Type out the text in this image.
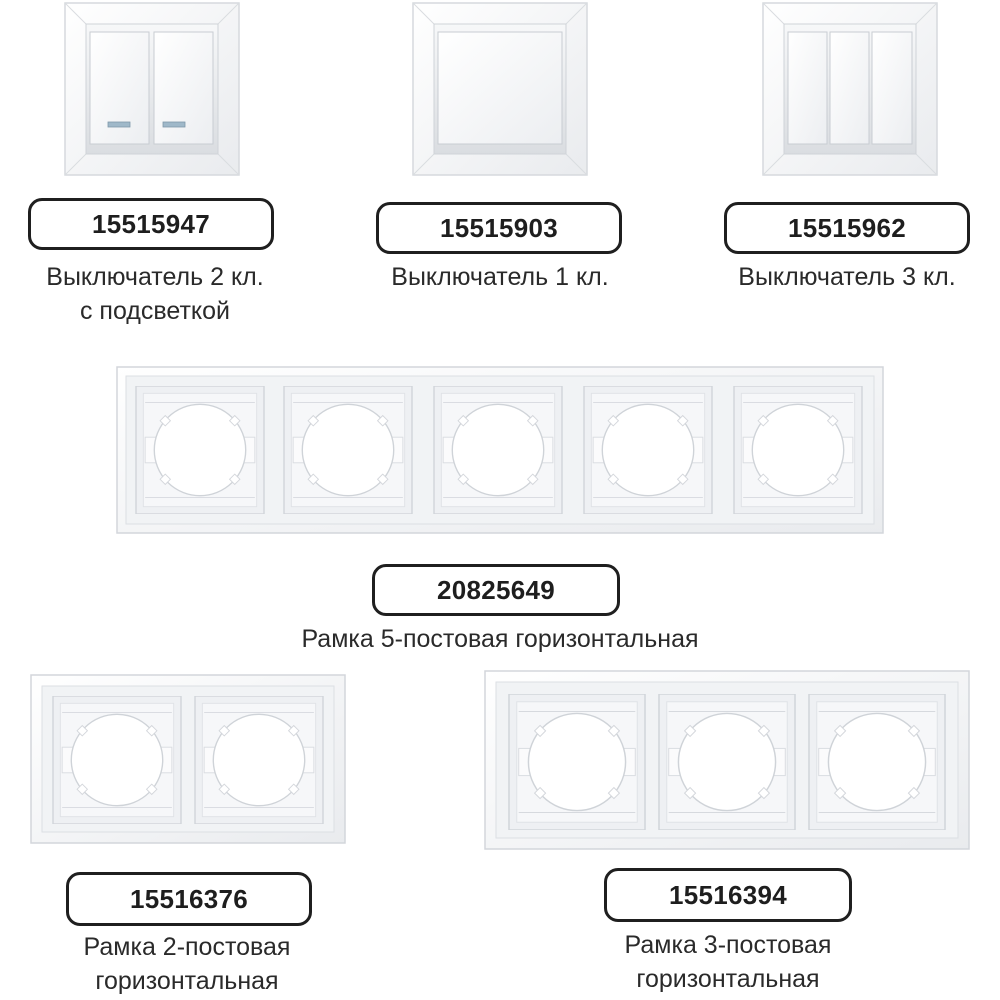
15515947	15515903	15515962
20825649
15516376	15516394
Выключатель 2 кл.
с подсветкой
Выключатель 1 кл.	Выключатель 3 кл.
Рамка 5-постовая горизонтальная
Рамка 2-постовая
горизонтальная
Рамка 3-постовая
горизонтальная
